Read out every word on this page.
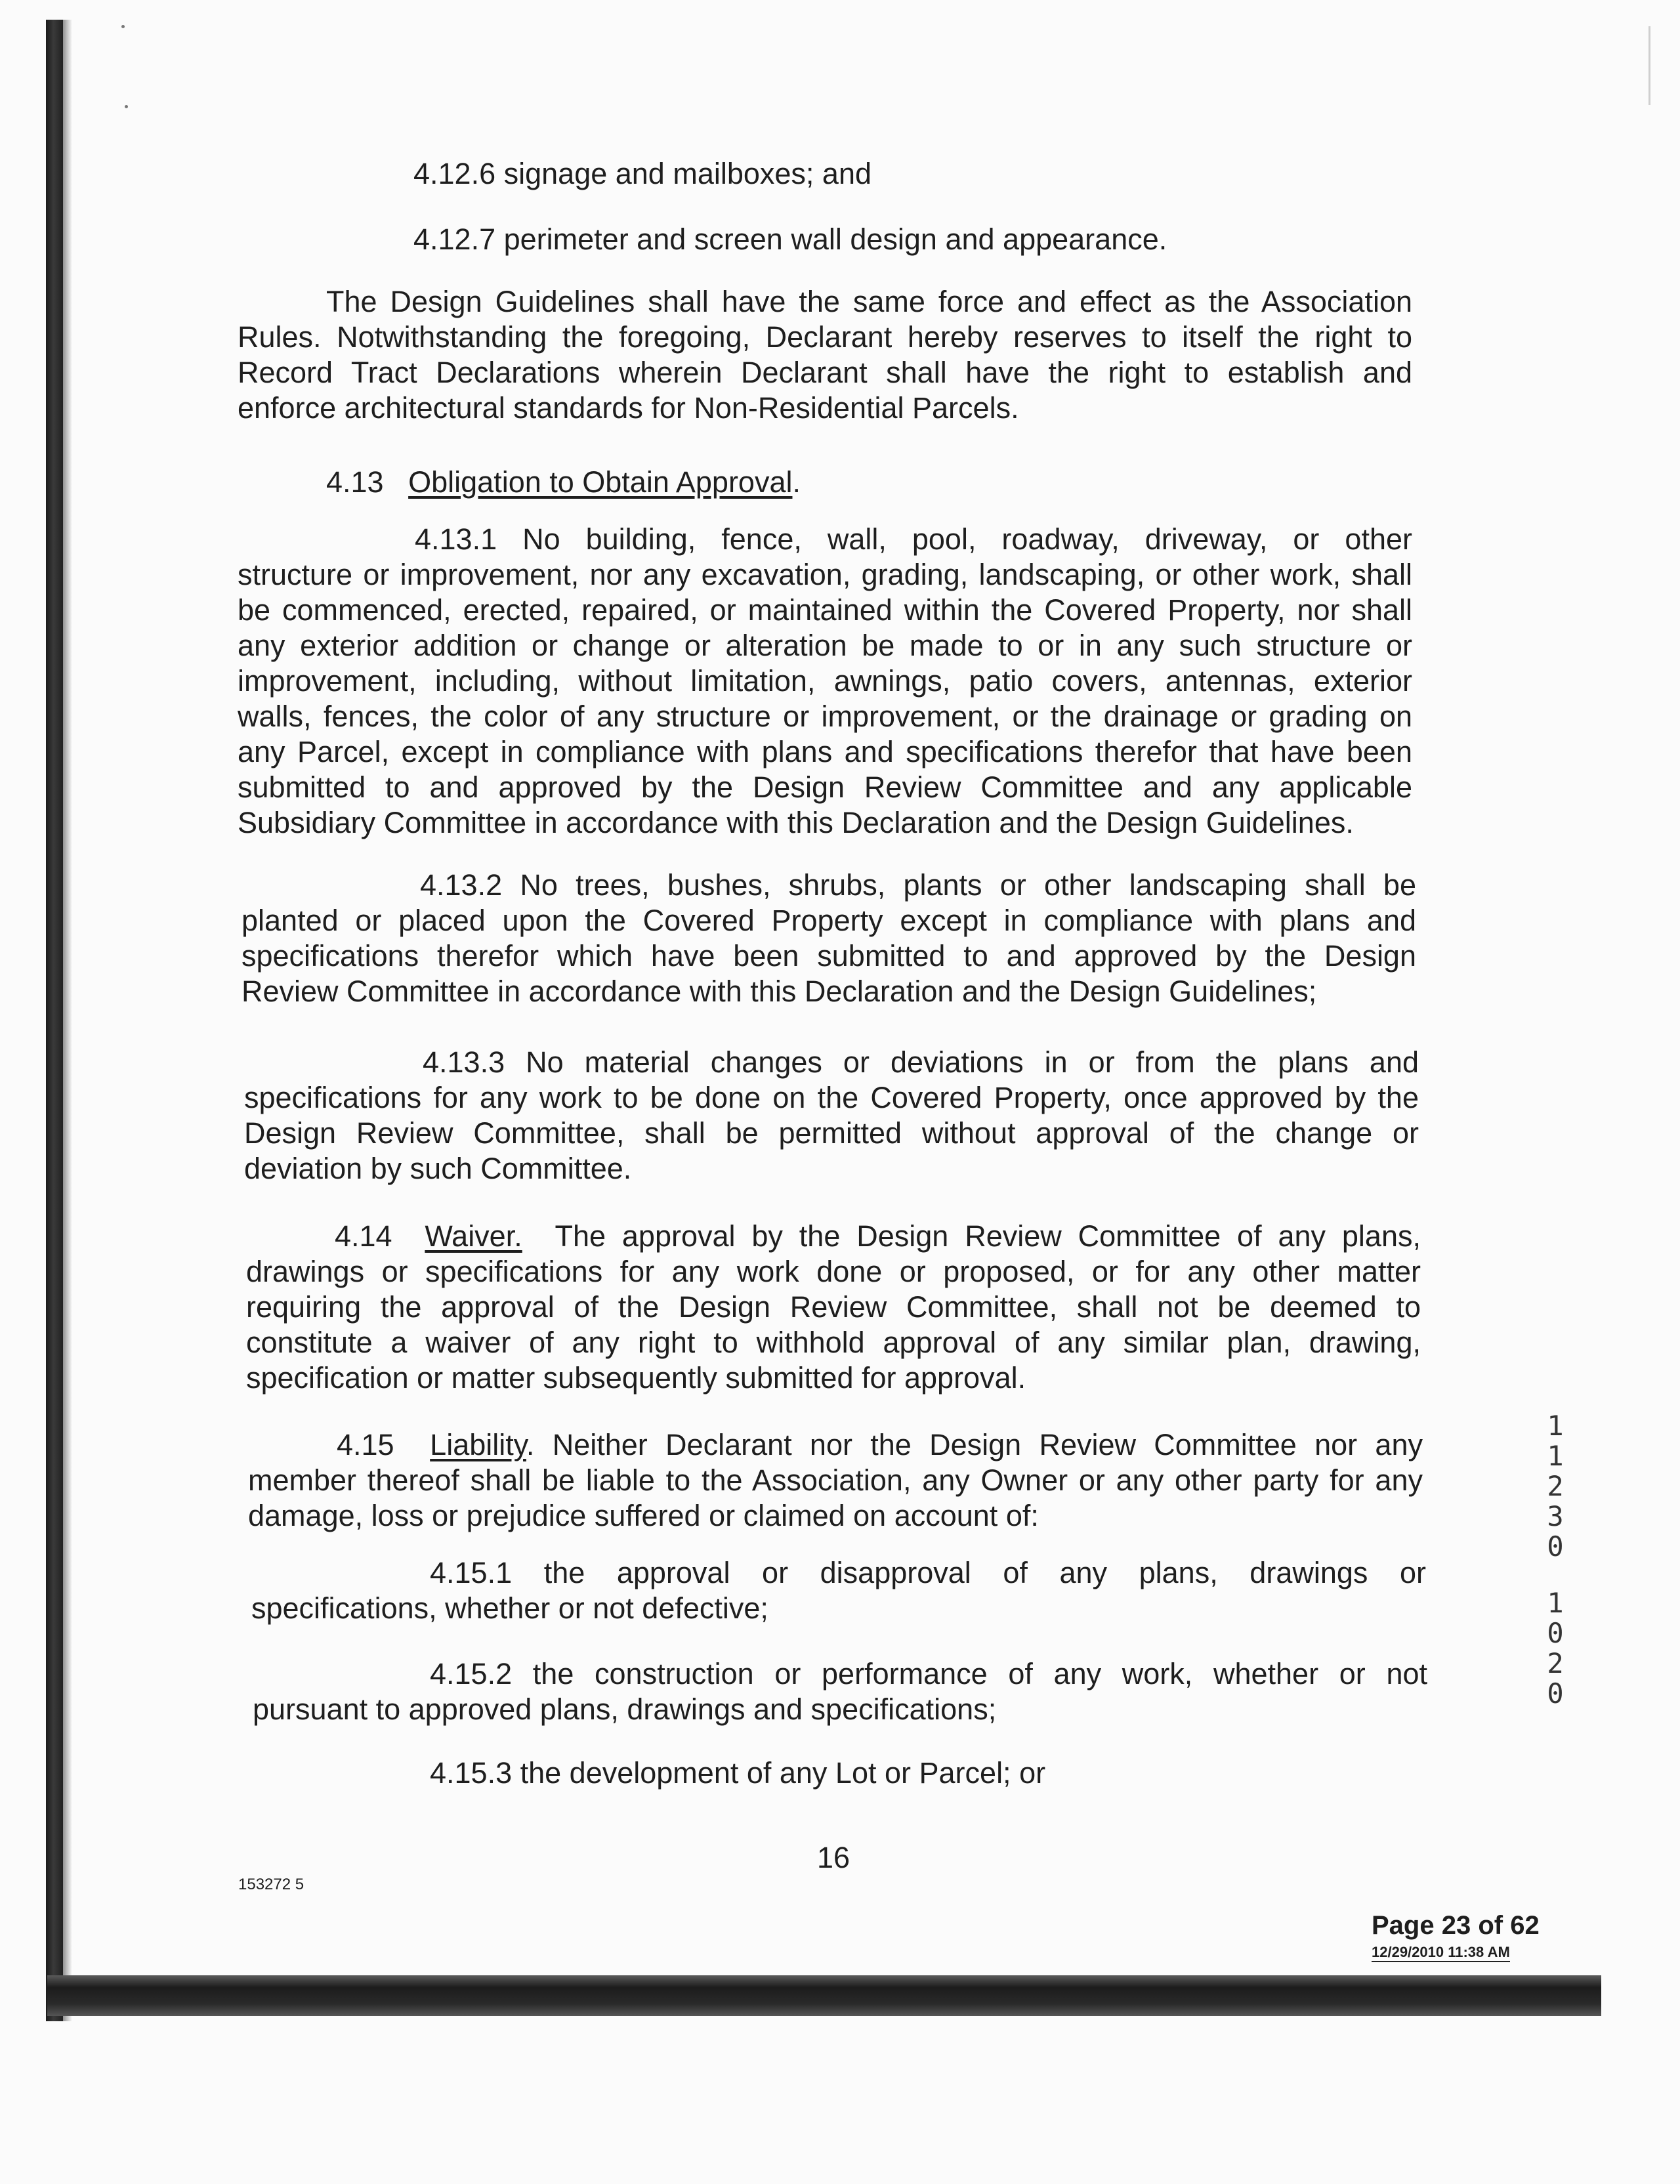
4.12.6 signage and mailboxes; and
4.12.7 perimeter and screen wall design and appearance.
The Design Guidelines shall have the same force and effect as the Association
Rules. Notwithstanding the foregoing, Declarant hereby reserves to itself the right to
Record Tract Declarations wherein Declarant shall have the right to establish and
enforce architectural standards for Non-Residential Parcels.
4.13 Obligation to Obtain Approval.
4.13.1 No building, fence, wall, pool, roadway, driveway, or other
structure or improvement, nor any excavation, grading, landscaping, or other work, shall
be commenced, erected, repaired, or maintained within the Covered Property, nor shall
any exterior addition or change or alteration be made to or in any such structure or
improvement, including, without limitation, awnings, patio covers, antennas, exterior
walls, fences, the color of any structure or improvement, or the drainage or grading on
any Parcel, except in compliance with plans and specifications therefor that have been
submitted to and approved by the Design Review Committee and any applicable
Subsidiary Committee in accordance with this Declaration and the Design Guidelines.
4.13.2 No trees, bushes, shrubs, plants or other landscaping shall be
planted or placed upon the Covered Property except in compliance with plans and
specifications therefor which have been submitted to and approved by the Design
Review Committee in accordance with this Declaration and the Design Guidelines;
4.13.3 No material changes or deviations in or from the plans and
specifications for any work to be done on the Covered Property, once approved by the
Design Review Committee, shall be permitted without approval of the change or
deviation by such Committee.
4.14 Waiver. The approval by the Design Review Committee of any plans,
drawings or specifications for any work done or proposed, or for any other matter
requiring the approval of the Design Review Committee, shall not be deemed to
constitute a waiver of any right to withhold approval of any similar plan, drawing,
specification or matter subsequently submitted for approval.
4.15 Liability. Neither Declarant nor the Design Review Committee nor any
member thereof shall be liable to the Association, any Owner or any other party for any
damage, loss or prejudice suffered or claimed on account of:
4.15.1 the approval or disapproval of any plans, drawings or
specifications, whether or not defective;
4.15.2 the construction or performance of any work, whether or not
pursuant to approved plans, drawings and specifications;
4.15.3 the development of any Lot or Parcel; or
16
153272 5
Page 23 of 62
12/29/2010 11:38 AM
1
1
2
3
0
1
0
2
0
